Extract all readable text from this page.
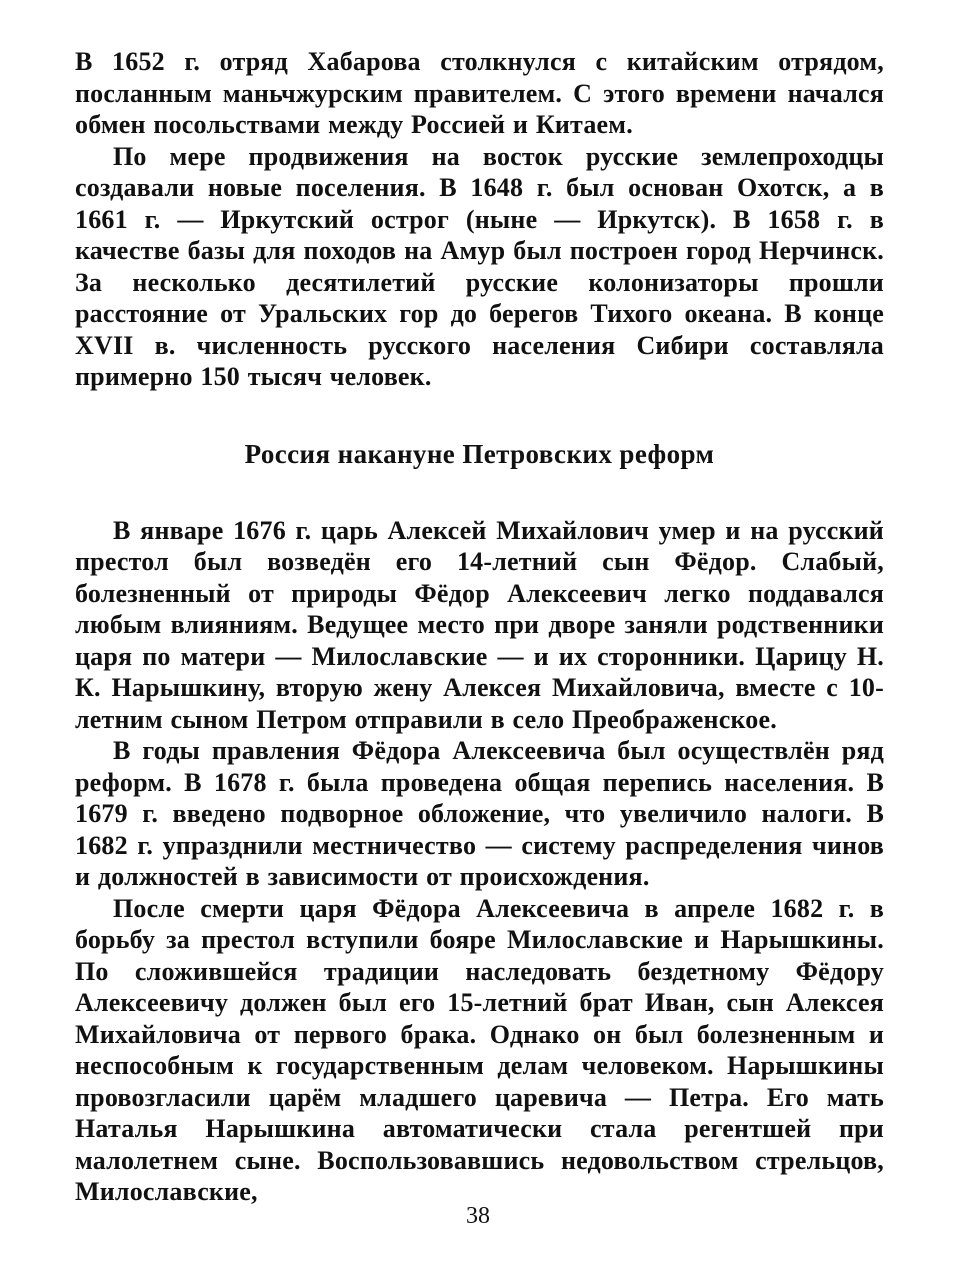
В 1652 г. отряд Хабарова столкнулся с китайским отрядом, посланным маньчжурским правителем. С этого времени начался обмен посольствами между Россией и Китаем.

По мере продвижения на восток русские землепроходцы создавали новые поселения. В 1648 г. был основан Охотск, а в 1661 г. — Иркутский острог (ныне — Иркутск). В 1658 г. в качестве базы для походов на Амур был построен город Нерчинск. За несколько десятилетий русские колонизаторы прошли расстояние от Уральских гор до берегов Тихого океана. В конце XVII в. численность русского населения Сибири составляла примерно 150 тысяч человек.

Россия накануне Петровских реформ

В январе 1676 г. царь Алексей Михайлович умер и на русский престол был возведён его 14-летний сын Фёдор. Слабый, болезненный от природы Фёдор Алексеевич легко поддавался любым влияниям. Ведущее место при дворе заняли родственники царя по матери — Милославские — и их сторонники. Царицу Н. К. Нарышкину, вторую жену Алексея Михайловича, вместе с 10-летним сыном Петром отправили в село Преображенское.

В годы правления Фёдора Алексеевича был осуществлён ряд реформ. В 1678 г. была проведена общая перепись населения. В 1679 г. введено подворное обложение, что увеличило налоги. В 1682 г. упразднили местничество — систему распределения чинов и должностей в зависимости от происхождения.

После смерти царя Фёдора Алексеевича в апреле 1682 г. в борьбу за престол вступили бояре Милославские и Нарышкины. По сложившейся традиции наследовать бездетному Фёдору Алексеевичу должен был его 15-летний брат Иван, сын Алексея Михайловича от первого брака. Однако он был болезненным и неспособным к государственным делам человеком. Нарышкины провозгласили царём младшего царевича — Петра. Его мать Наталья Нарышкина автоматически стала регентшей при малолетнем сыне. Воспользовавшись недовольством стрельцов, Милославские,

38
